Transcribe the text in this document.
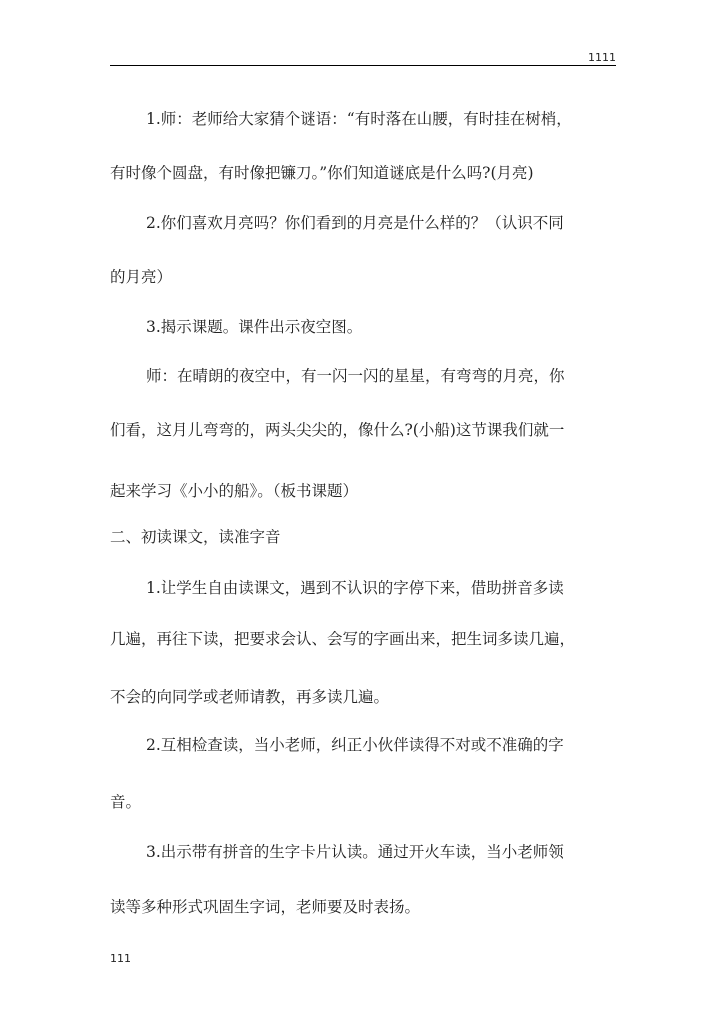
1111
1.师：老师给大家猜个谜语：“有时落在山腰，有时挂在树梢，
有时像个圆盘，有时像把镰刀。”你们知道谜底是什么吗?(月亮)
2.你们喜欢月亮吗？你们看到的月亮是什么样的？（认识不同
的月亮）
3.揭示课题。课件出示夜空图。
师：在晴朗的夜空中，有一闪一闪的星星，有弯弯的月亮，你
们看，这月儿弯弯的，两头尖尖的，像什么?(小船)这节课我们就一
起来学习《小小的船》。（板书课题）
二、初读课文，读准字音
1.让学生自由读课文，遇到不认识的字停下来，借助拼音多读
几遍，再往下读，把要求会认、会写的字画出来，把生词多读几遍，
不会的向同学或老师请教，再多读几遍。
2.互相检查读，当小老师，纠正小伙伴读得不对或不准确的字
音。
3.出示带有拼音的生字卡片认读。通过开火车读，当小老师领
读等多种形式巩固生字词，老师要及时表扬。
111
